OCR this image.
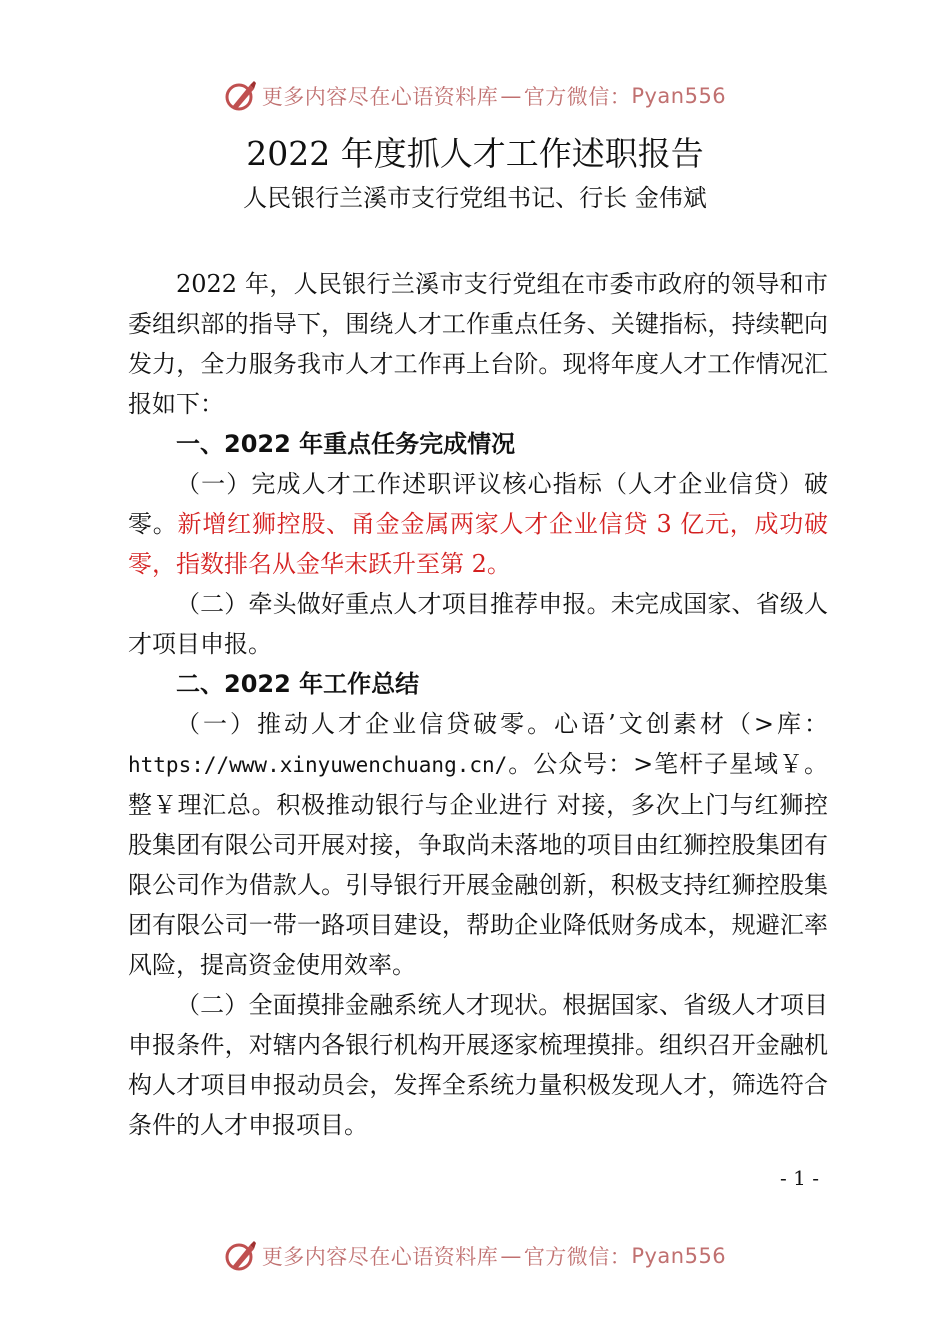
更多内容尽在心语资料库 — 官方微信： Pyan556
2022 年度抓人才工作述职报告
人民银行兰溪市支行党组书记、行长 金伟斌

2022 年，人民银行兰溪市支行党组在市委市政府的领导和市委组织部的指导下，围绕人才工作重点任务、关键指标，持续靶向发力，全力服务我市人才工作再上台阶。现将年度人才工作情况汇报如下：

一、2022 年重点任务完成情况

（一）完成人才工作述职评议核心指标（人才企业信贷）破零。新增红狮控股、甬金金属两家人才企业信贷 3 亿元，成功破零，指数排名从金华末跃升至第 2。

（二）牵头做好重点人才项目推荐申报。未完成国家、省级人才项目申报。

二、2022 年工作总结

（一）推动人才企业信贷破零。心语’文创素材（>库：https://www.xinyuwenchuang.cn/。公众号：>笔杆子星域￥。整￥理汇总。积极推动银行与企业进行 对接，多次上门与红狮控股集团有限公司开展对接，争取尚未落地的项目由红狮控股集团有限公司作为借款人。引导银行开展金融创新，积极支持红狮控股集团有限公司一带一路项目建设，帮助企业降低财务成本，规避汇率风险，提高资金使用效率。

（二）全面摸排金融系统人才现状。根据国家、省级人才项目申报条件，对辖内各银行机构开展逐家梳理摸排。组织召开金融机构人才项目申报动员会，发挥全系统力量积极发现人才，筛选符合条件的人才申报项目。

- 1 -
更多内容尽在心语资料库 — 官方微信： Pyan556
